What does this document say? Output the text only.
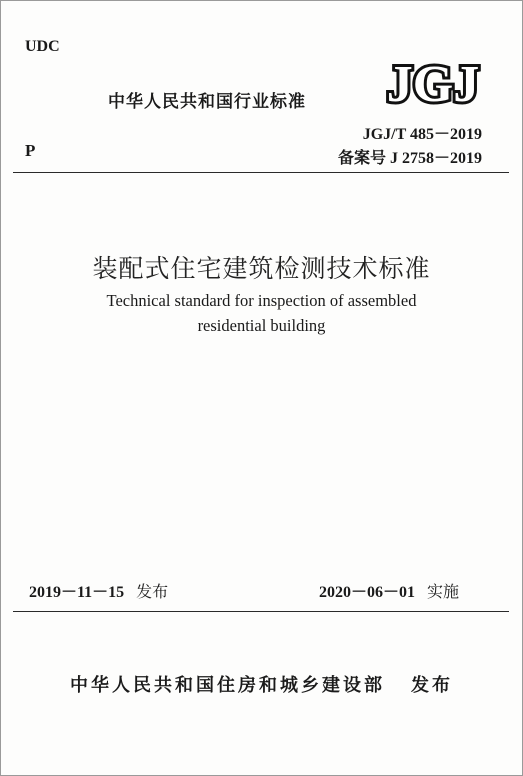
UDC
P
中华人民共和国行业标准 JGJ
JGJ/T 485－2019
备案号 J 2758－2019
装配式住宅建筑检测技术标准
Technical standard for inspection of assembled
residential building
2019－11－15 发布	2020－06－01 实施
中华人民共和国住房和城乡建设部 发布
